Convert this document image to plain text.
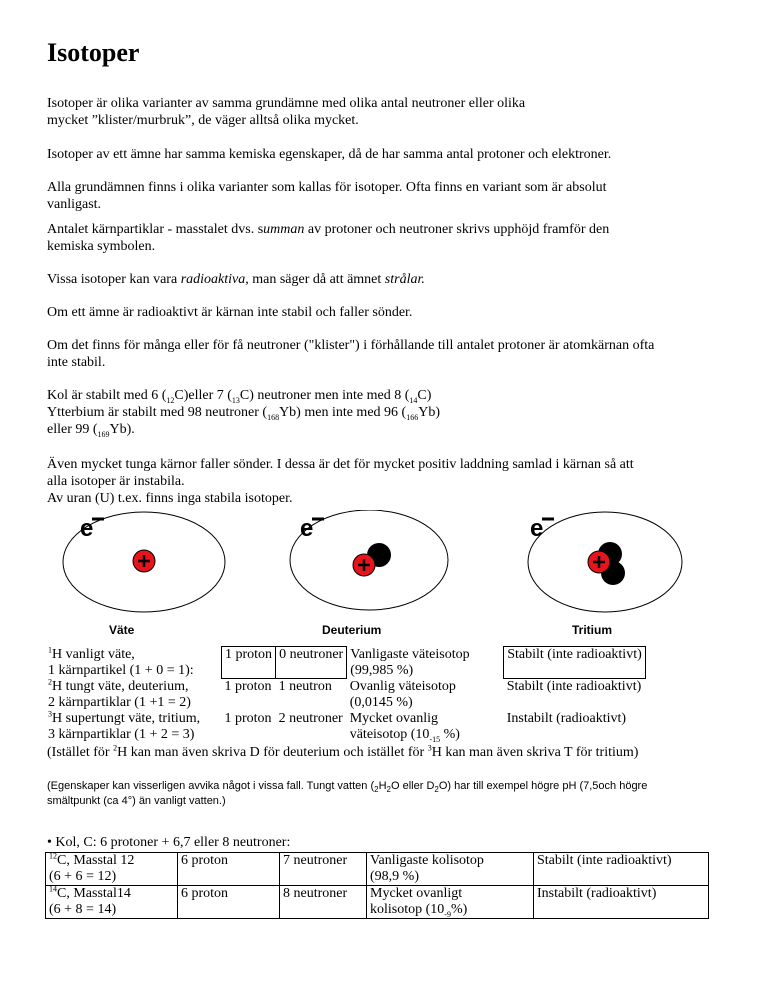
Isotoper

Isotoper är olika varianter av samma grundämne med olika antal neutroner eller olika
mycket ”klister/murbruk”, de väger alltså olika mycket.

Isotoper av ett ämne har samma kemiska egenskaper, då de har samma antal protoner och elektroner.

Alla grundämnen finns i olika varianter som kallas för isotoper. Ofta finns en variant som är absolut
vanligast.

Antalet kärnpartiklar - masstalet dvs. summan av protoner och neutroner skrivs upphöjd framför den
kemiska symbolen.

Vissa isotoper kan vara radioaktiva, man säger då att ämnet strålar.

Om ett ämne är radioaktivt är kärnan inte stabil och faller sönder.

Om det finns för många eller för få neutroner ("klister") i förhållande till antalet protoner är atomkärnan ofta
inte stabil.

Kol är stabilt med 6 $(_{12}C)eller$ 7 $(_{13}C)$ neutroner men inte med 8 $(_{14}C)$
Ytterbium är stabilt med 98 neutroner $(_{168}Yb)$ men inte med 96 $(_{166}Yb)$
eller 99 $(_{169}Yb)$.

Även mycket tunga kärnor faller sönder. I dessa är det för mycket positiv laddning samlad i kärnan så att
alla isotoper är instabila.
Av uran (U) t.ex. finns inga stabila isotoper.

e
Väte
e
Deuterium
e
Tritium
$^1$H vanligt väte,
1 kärnpartikel (1 + 0 = 1):	1 proton	0 neutroner	Vanligaste väteisotop
(99,985 %)	Stabilt (inte radioaktivt)
$^2$H tungt väte, deuterium,
2 kärnpartiklar (1 +1 = 2)	1 proton	1 neutron	Ovanlig väteisotop
(0,0145 %)	Stabilt (inte radioaktivt)
$^3$H supertungt väte, tritium,
3 kärnpartiklar (1 + 2 = 3)	1 proton	2 neutroner	Mycket ovanlig
väteisotop ($10_{-15}$ %)	Instabilt (radioaktivt)
(Istället för $^2$H kan man även skriva D för deuterium och istället för $^3$H kan man även skriva T för tritium)
(Egenskaper kan visserligen avvika något i vissa fall. Tungt vatten ($_2H_2O$ eller $D_2O$) har till exempel högre pH (7,5och högre
smältpunkt (ca 4°) än vanligt vatten.)
• Kol, C: 6 protoner + 6,7 eller 8 neutroner:
$^{12}$C, Masstal 12
(6 + 6 = 12)	6 proton	7 neutroner	Vanligaste kolisotop
(98,9 %)	Stabilt (inte radioaktivt)
$^{14}$C, Masstal14
(6 + 8 = 14)	6 proton	8 neutroner	Mycket ovanligt
kolisotop $(10_{-9}\%)$	Instabilt (radioaktivt)
